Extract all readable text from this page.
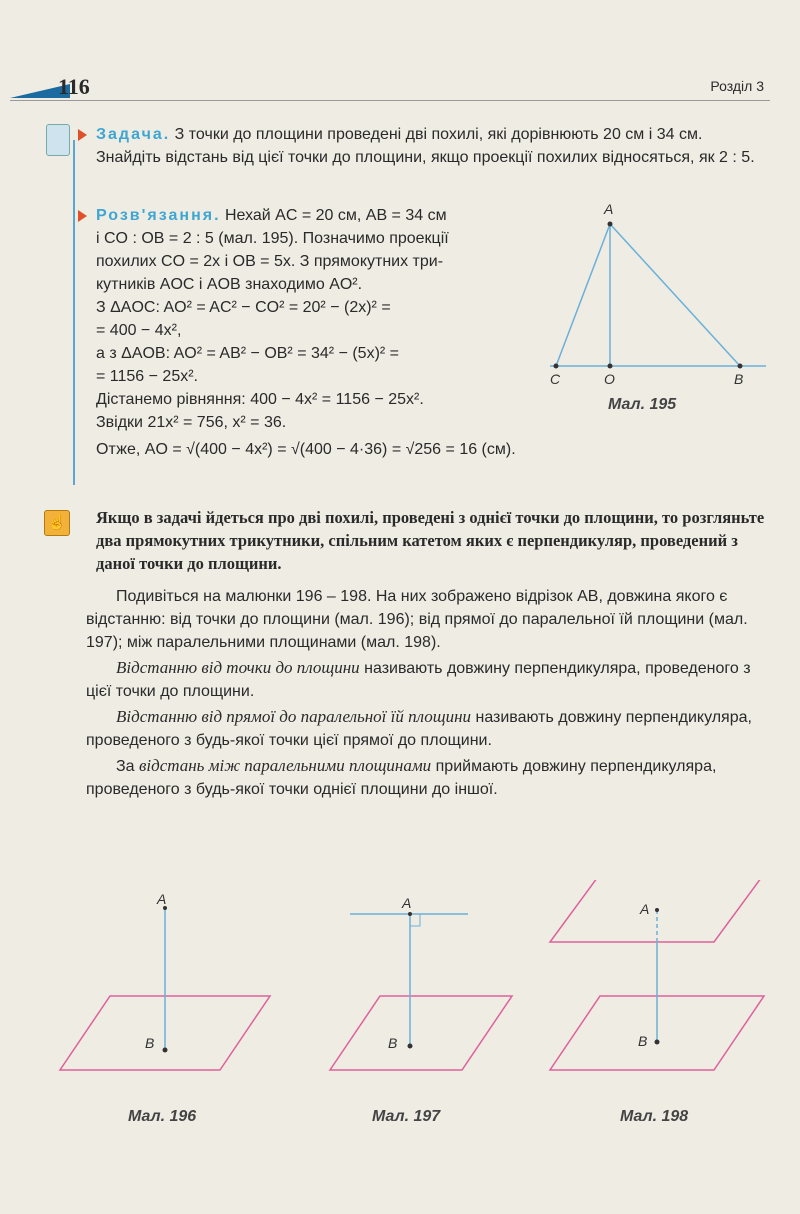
116	Розділ 3
Задача. З точки до площини проведені дві похилі, які дорівнюють 20 см і 34 см. Знайдіть відстань від цієї точки до площини, якщо проекції похилих відносяться, як 2 : 5.
Розв'язання. Нехай AC = 20 см, AB = 34 см
і CO : OB = 2 : 5 (мал. 195). Позначимо проекції
похилих CO = 2x і OB = 5x. З прямокутних три-
кутників AOC і AOB знаходимо AO².
З ΔAOC: AO² = AC² − CO² = 20² − (2x)² =
= 400 − 4x²,
а з ΔAOB: AO² = AB² − OB² = 34² − (5x)² =
= 1156 − 25x².
Дістанемо рівняння: 400 − 4x² = 1156 − 25x².
Звідки 21x² = 756, x² = 36.
Отже, AO = √(400 − 4x²) = √(400 − 4·36) = √256 = 16 (см).
A
C	O	B
Мал. 195
☝ Якщо в задачі йдеться про дві похилі, проведені з однієї точки до площини, то розгляньте два прямокутних трикутники, спільним катетом яких є перпендикуляр, проведений з даної точки до площини.
Подивіться на малюнки 196 – 198. На них зображено відрізок AB, довжина якого є відстанню: від точки до площини (мал. 196); від прямої до паралельної їй площини (мал. 197); між паралельними площинами (мал. 198).
Відстанню від точки до площини називають довжину перпендикуляра, проведеного з цієї точки до площини.
Відстанню від прямої до паралельної їй площини називають довжину перпендикуляра, проведеного з будь-якої точки цієї прямої до площини.
За відстань між паралельними площинами приймають довжину перпендикуляра, проведеного з будь-якої точки однієї площини до іншої.
A
B
A
B
A
B
Мал. 196	Мал. 197	Мал. 198
